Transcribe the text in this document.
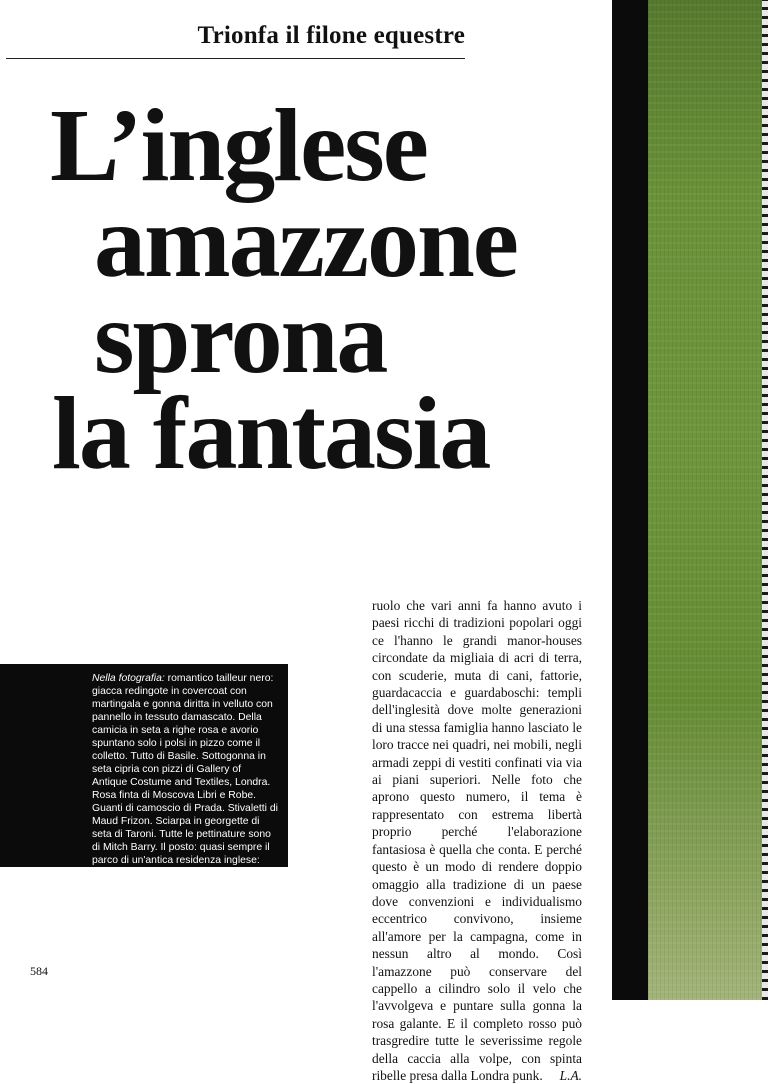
Trionfa il filone equestre
L’inglese
amazzone
sprona
la fantasia

Nella fotografia: romantico tailleur nero: giacca redingote in covercoat con martingala e gonna diritta in velluto con pannello in tessuto damascato. Della camicia in seta a righe rosa e avorio spuntano solo i polsi in pizzo come il colletto. Tutto di Basile. Sottogonna in seta cipria con pizzi di Gallery of Antique Costume and Textiles, Londra. Rosa finta di Moscova Libri e Robe. Guanti di camoscio di Prada. Stivaletti di Maud Frizon. Sciarpa in georgette di seta di Taroni. Tutte le pettinature sono di Mitch Barry. Il posto: quasi sempre il parco di un'antica residenza inglese: Dyrham Park, nel Gloucestershire.

ruolo che vari anni fa hanno avuto i paesi ricchi di tradizioni popolari oggi ce l'hanno le grandi manor-houses circondate da migliaia di acri di terra, con scuderie, muta di cani, fattorie, guardacaccia e guardaboschi: templi dell'inglesità dove molte generazioni di una stessa famiglia hanno lasciato le loro tracce nei quadri, nei mobili, negli armadi zeppi di vestiti confinati via via ai piani superiori. Nelle foto che aprono questo numero, il tema è rappresentato con estrema libertà proprio perché l'elaborazione fantasiosa è quella che conta. E perché questo è un modo di rendere doppio omaggio alla tradizione di un paese dove convenzioni e individualismo eccentrico convivono, insieme all'amore per la campagna, come in nessun altro al mondo. Così l'amazzone può conservare del cappello a cilindro solo il velo che l'avvolgeva e puntare sulla gonna la rosa galante. E il completo rosso può trasgredire tutte le severissime regole della caccia alla volpe, con spinta ribelle presa dalla Londra punk. L.A.

584
